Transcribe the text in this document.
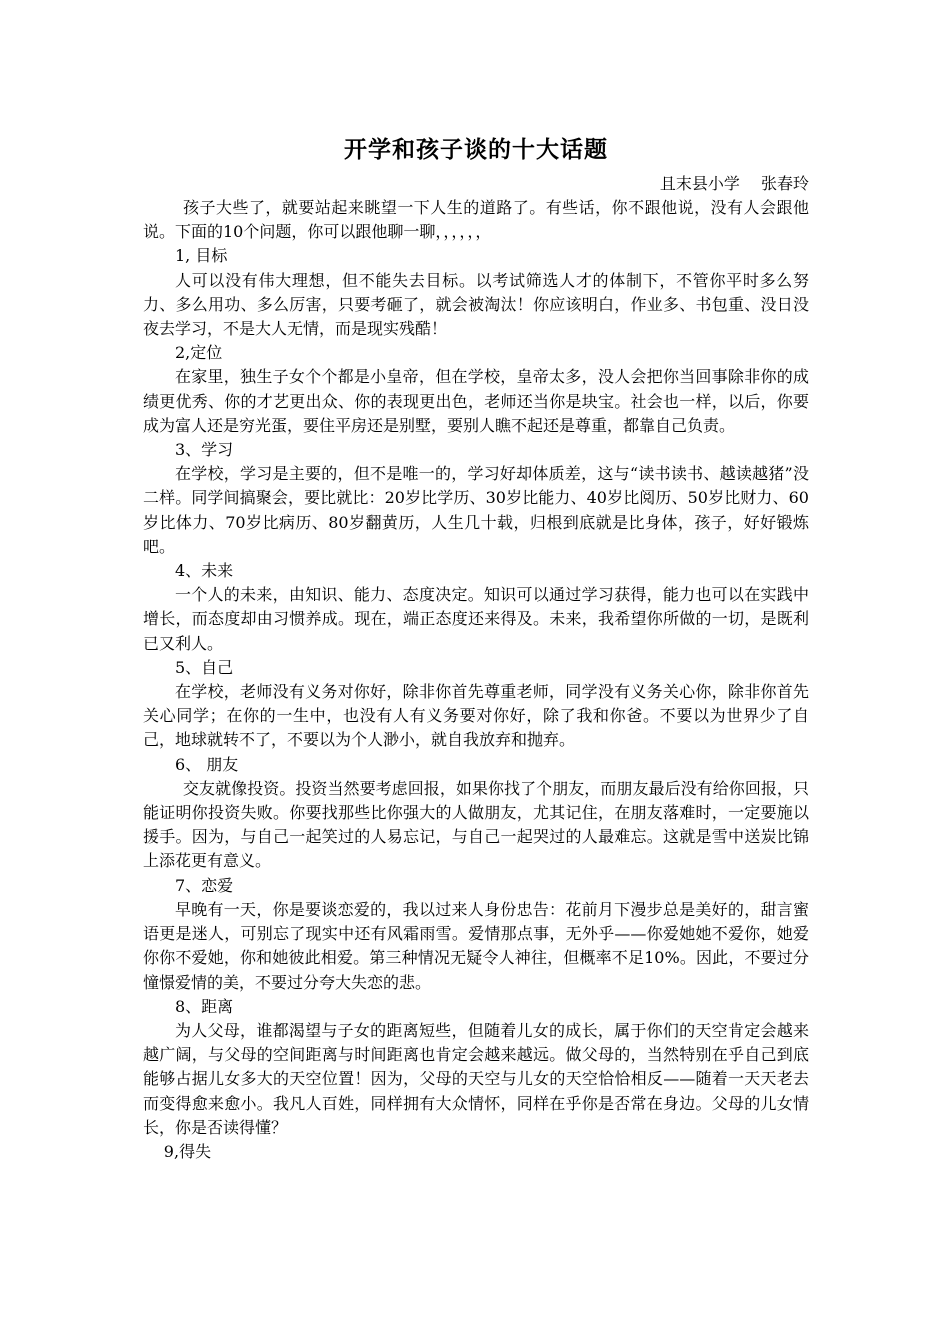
开学和孩子谈的十大话题
且末县小学　 张春玲

孩子大些了，就要站起来眺望一下人生的道路了。有些话，你不跟他说，没有人会跟他说。下面的10个问题，你可以跟他聊一聊，，，，，，

1, 目标

人可以没有伟大理想，但不能失去目标。以考试筛选人才的体制下，不管你平时多么努力、多么用功、多么厉害，只要考砸了，就会被淘汰！你应该明白，作业多、书包重、没日没夜去学习，不是大人无情，而是现实残酷！

2,定位

在家里，独生子女个个都是小皇帝，但在学校，皇帝太多，没人会把你当回事除非你的成绩更优秀、你的才艺更出众、你的表现更出色，老师还当你是块宝。社会也一样，以后，你要成为富人还是穷光蛋，要住平房还是别墅，要别人瞧不起还是尊重，都靠自己负责。

3、学习

在学校，学习是主要的，但不是唯一的，学习好却体质差，这与“读书读书、越读越猪”没二样。同学间搞聚会，要比就比：20岁比学历、30岁比能力、40岁比阅历、50岁比财力、60岁比体力、70岁比病历、80岁翻黄历，人生几十载，归根到底就是比身体，孩子，好好锻炼吧。

4、未来

一个人的未来，由知识、能力、态度决定。知识可以通过学习获得，能力也可以在实践中增长，而态度却由习惯养成。现在，端正态度还来得及。未来，我希望你所做的一切，是既利已又利人。

5、自己

在学校，老师没有义务对你好，除非你首先尊重老师，同学没有义务关心你，除非你首先关心同学；在你的一生中，也没有人有义务要对你好，除了我和你爸。不要以为世界少了自己，地球就转不了，不要以为个人渺小，就自我放弃和抛弃。

6、 朋友

交友就像投资。投资当然要考虑回报，如果你找了个朋友，而朋友最后没有给你回报，只能证明你投资失败。你要找那些比你强大的人做朋友，尤其记住，在朋友落难时，一定要施以援手。因为，与自己一起笑过的人易忘记，与自己一起哭过的人最难忘。这就是雪中送炭比锦上添花更有意义。

7、恋爱

早晚有一天，你是要谈恋爱的，我以过来人身份忠告：花前月下漫步总是美好的，甜言蜜语更是迷人，可别忘了现实中还有风霜雨雪。爱情那点事，无外乎——你爱她她不爱你，她爱你你不爱她，你和她彼此相爱。第三种情况无疑令人神往，但概率不足10%。因此，不要过分憧憬爱情的美，不要过分夸大失恋的悲。

8、距离

为人父母，谁都渴望与子女的距离短些，但随着儿女的成长，属于你们的天空肯定会越来越广阔，与父母的空间距离与时间距离也肯定会越来越远。做父母的，当然特别在乎自己到底能够占据儿女多大的天空位置！因为，父母的天空与儿女的天空恰恰相反——随着一天天老去而变得愈来愈小。我凡人百姓，同样拥有大众情怀，同样在乎你是否常在身边。父母的儿女情长，你是否读得懂？

9,得失
